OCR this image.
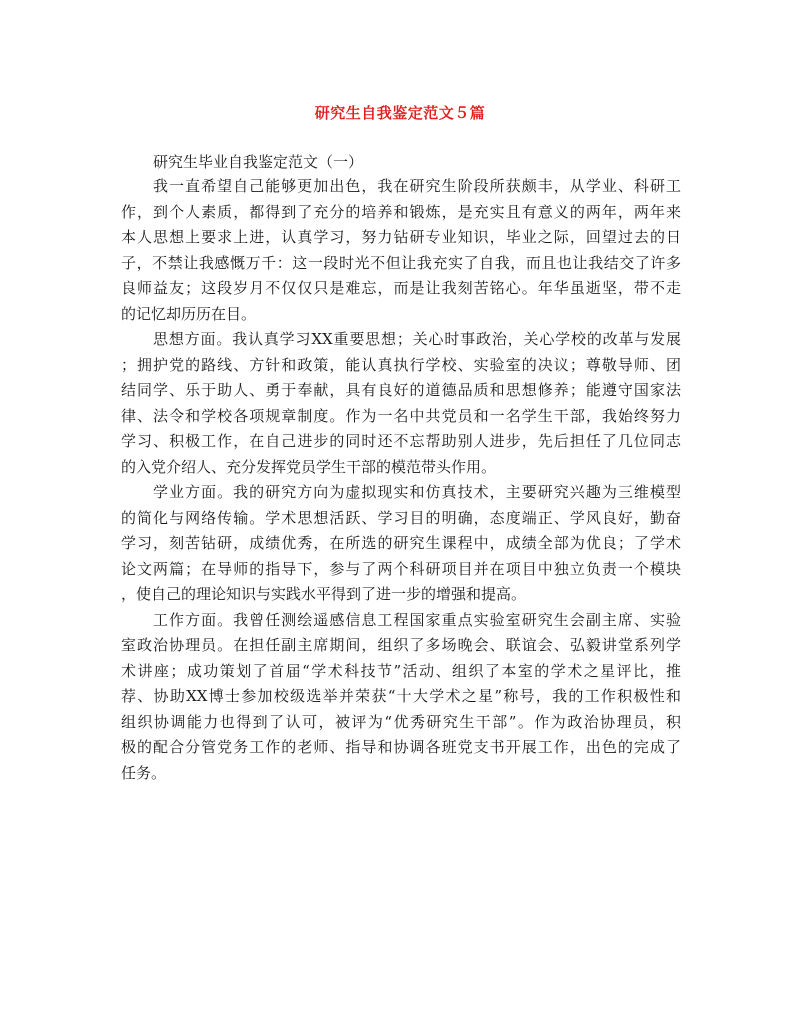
研究生自我鉴定范文５篇

研究生毕业自我鉴定范文（一）

我一直希望自己能够更加出色，我在研究生阶段所获颇丰，从学业、科研工
作，到个人素质，都得到了充分的培养和锻炼，是充实且有意义的两年，两年来
本人思想上要求上进，认真学习，努力钻研专业知识，毕业之际，回望过去的日
子，不禁让我感慨万千：这一段时光不但让我充实了自我，而且也让我结交了许多
良师益友；这段岁月不仅仅只是难忘，而是让我刻苦铭心。年华虽逝坚，带不走
的记忆却历历在目。
思想方面。我认真学习XX重要思想；关心时事政治，关心学校的改革与发展
；拥护党的路线、方针和政策，能认真执行学校、实验室的决议；尊敬导师、团
结同学、乐于助人、勇于奉献，具有良好的道德品质和思想修养；能遵守国家法
律、法令和学校各项规章制度。作为一名中共党员和一名学生干部，我始终努力
学习、积极工作，在自己进步的同时还不忘帮助别人进步，先后担任了几位同志
的入党介绍人、充分发挥党员学生干部的模范带头作用。
学业方面。我的研究方向为虚拟现实和仿真技术，主要研究兴趣为三维模型
的简化与网络传输。学术思想活跃、学习目的明确，态度端正、学风良好，勤奋
学习，刻苦钻研，成绩优秀，在所选的研究生课程中，成绩全部为优良；了学术
论文两篇；在导师的指导下，参与了两个科研项目并在项目中独立负责一个模块
，使自己的理论知识与实践水平得到了进一步的增强和提高。
工作方面。我曾任测绘遥感信息工程国家重点实验室研究生会副主席、实验
室政治协理员。在担任副主席期间，组织了多场晚会、联谊会、弘毅讲堂系列学
术讲座；成功策划了首届“学术科技节”活动、组织了本室的学术之星评比，推
荐、协助XX博士参加校级选举并荣获“十大学术之星”称号，我的工作积极性和
组织协调能力也得到了认可，被评为“优秀研究生干部”。作为政治协理员，积
极的配合分管党务工作的老师、指导和协调各班党支书开展工作，出色的完成了
任务。
